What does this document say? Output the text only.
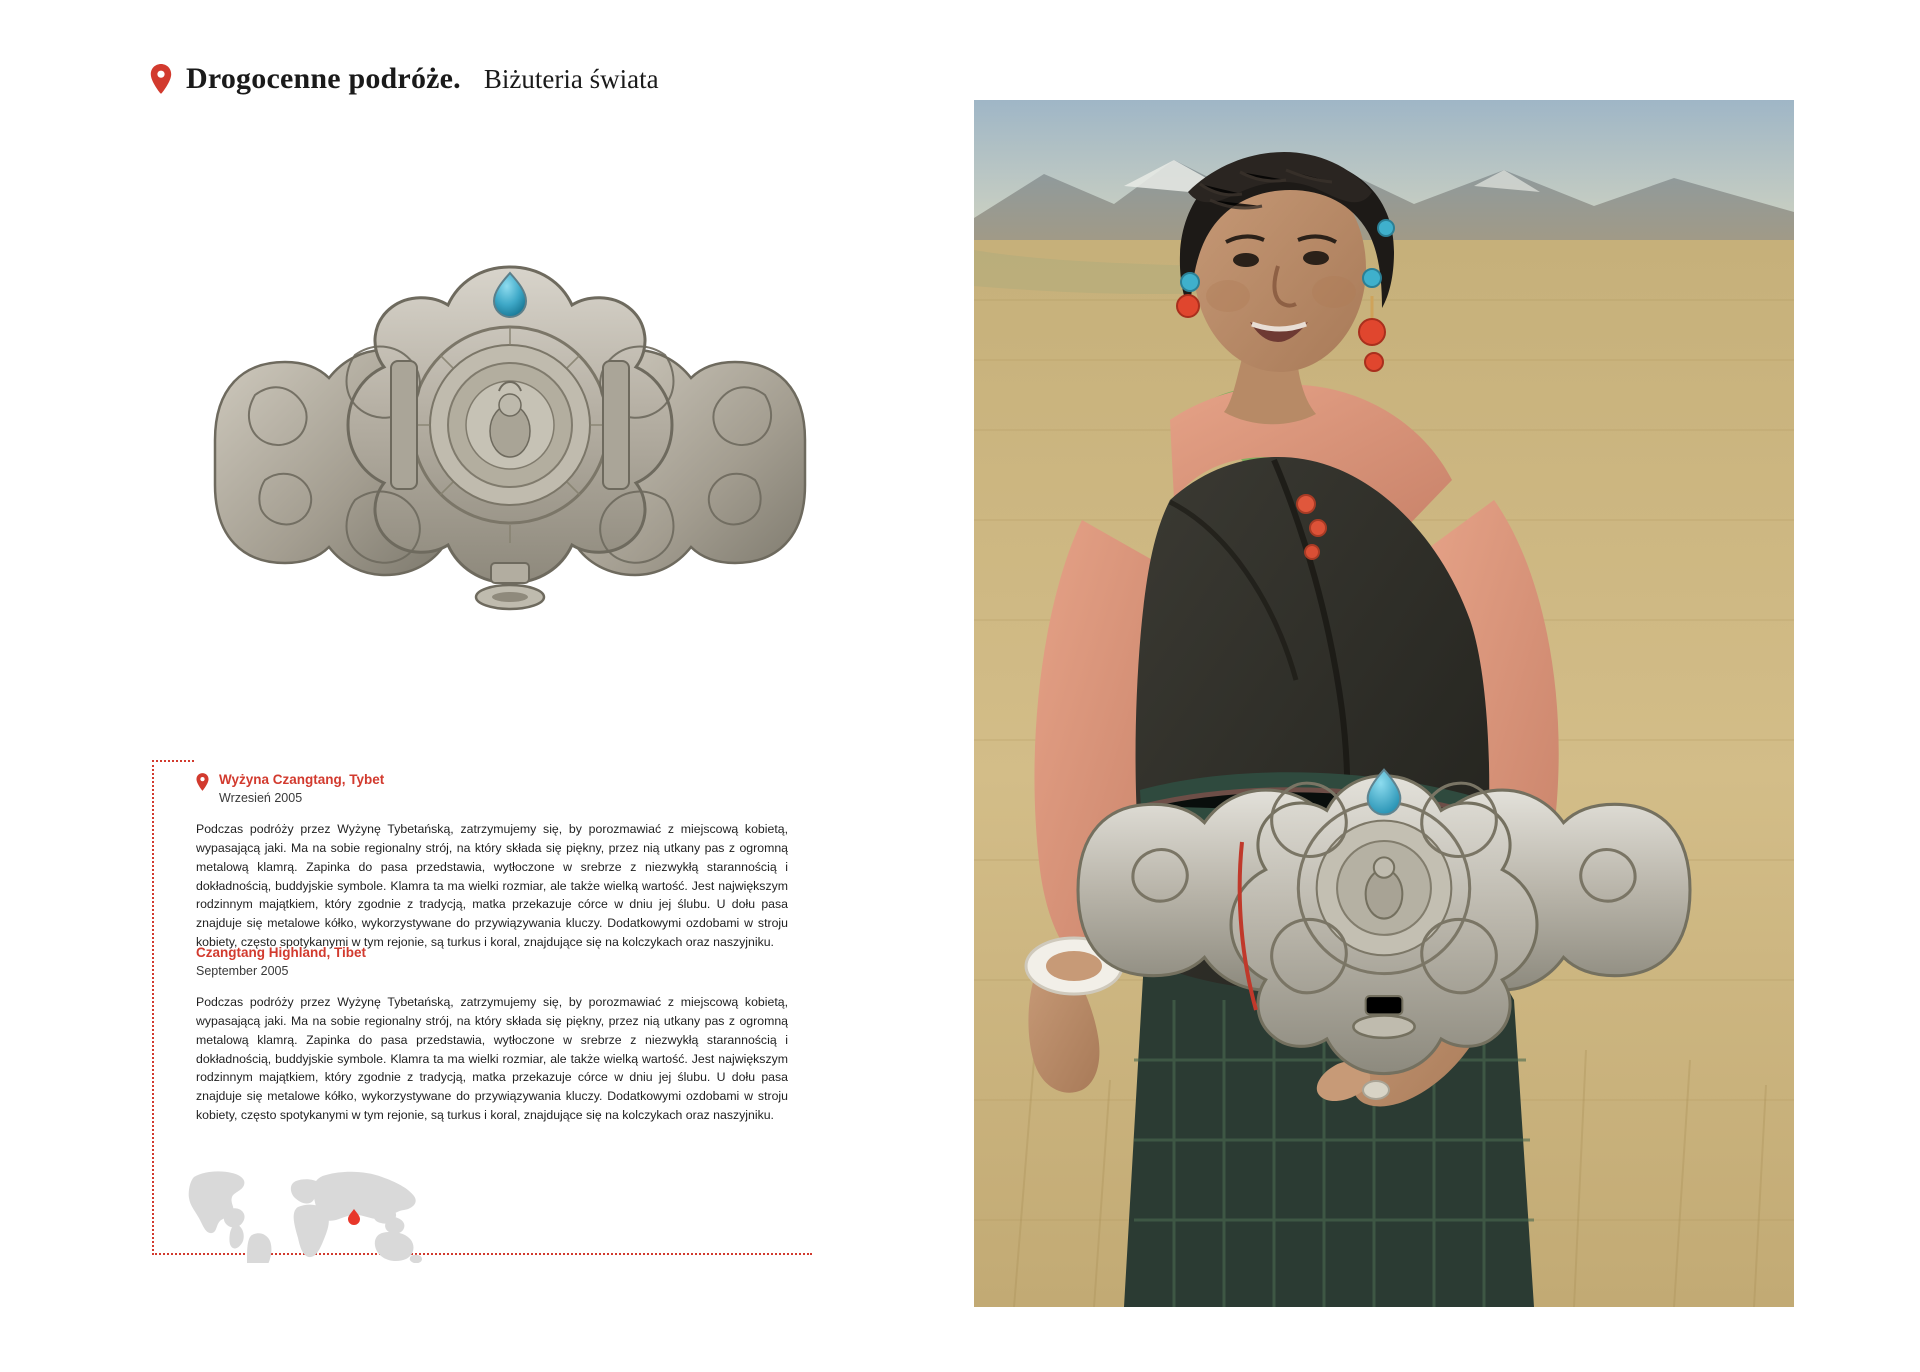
Drogocenne podróże. Biżuteria świata
Wyżyna Czangtang, Tybet
Wrzesień 2005

Podczas podróży przez Wyżynę Tybetańską, zatrzymujemy się, by porozmawiać z miejscową kobietą, wypasającą jaki. Ma na sobie regionalny strój, na który składa się piękny, przez nią utkany pas z ogromną metalową klamrą. Zapinka do pasa przedstawia, wytłoczone w srebrze z niezwykłą starannością i dokładnością, buddyjskie symbole. Klamra ta ma wielki rozmiar, ale także wielką wartość. Jest największym rodzinnym majątkiem, który zgodnie z tradycją, matka przekazuje córce w dniu jej ślubu. U dołu pasa znajduje się metalowe kółko, wykorzystywane do przywiązywania kluczy. Dodatkowymi ozdobami w stroju kobiety, często spotykanymi w tym rejonie, są turkus i koral, znajdujące się na kolczykach oraz naszyjniku.

Czangtang Highland, Tibet
September 2005

Podczas podróży przez Wyżynę Tybetańską, zatrzymujemy się, by porozmawiać z miejscową kobietą, wypasającą jaki. Ma na sobie regionalny strój, na który składa się piękny, przez nią utkany pas z ogromną metalową klamrą. Zapinka do pasa przedstawia, wytłoczone w srebrze z niezwykłą starannością i dokładnością, buddyjskie symbole. Klamra ta ma wielki rozmiar, ale także wielką wartość. Jest największym rodzinnym majątkiem, który zgodnie z tradycją, matka przekazuje córce w dniu jej ślubu. U dołu pasa znajduje się metalowe kółko, wykorzystywane do przywiązywania kluczy. Dodatkowymi ozdobami w stroju kobiety, często spotykanymi w tym rejonie, są turkus i koral, znajdujące się na kolczykach oraz naszyjniku.
